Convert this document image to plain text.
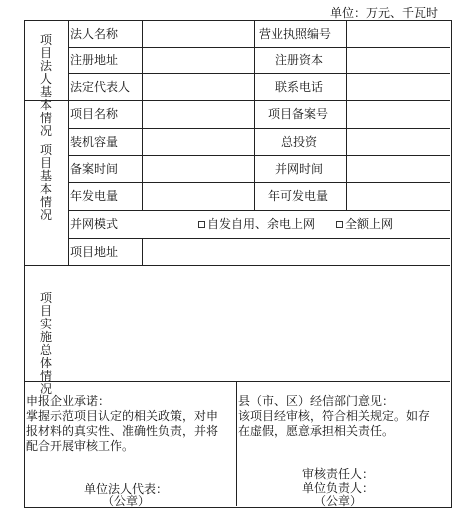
单位：万元、千瓦时
项目法人基本情况
项目基本情况
项目实施总体情况
法人名称	营业执照编号
注册地址	注册资本
法定代表人	联系电话
项目名称	项目备案号
装机容量	总投资
备案时间	并网时间
年发电量	年可发电量
并网模式	自发自用、余电上网	全额上网
项目地址
申报企业承诺：
掌握示范项目认定的相关政策，对申
报材料的真实性、准确性负责，并将
配合开展审核工作。
单位法人代表：
（公章）
县（市、区）经信部门意见：
该项目经审核，符合相关规定。如存
在虚假，愿意承担相关责任。
审核责任人：
单位负责人：
（公章）
